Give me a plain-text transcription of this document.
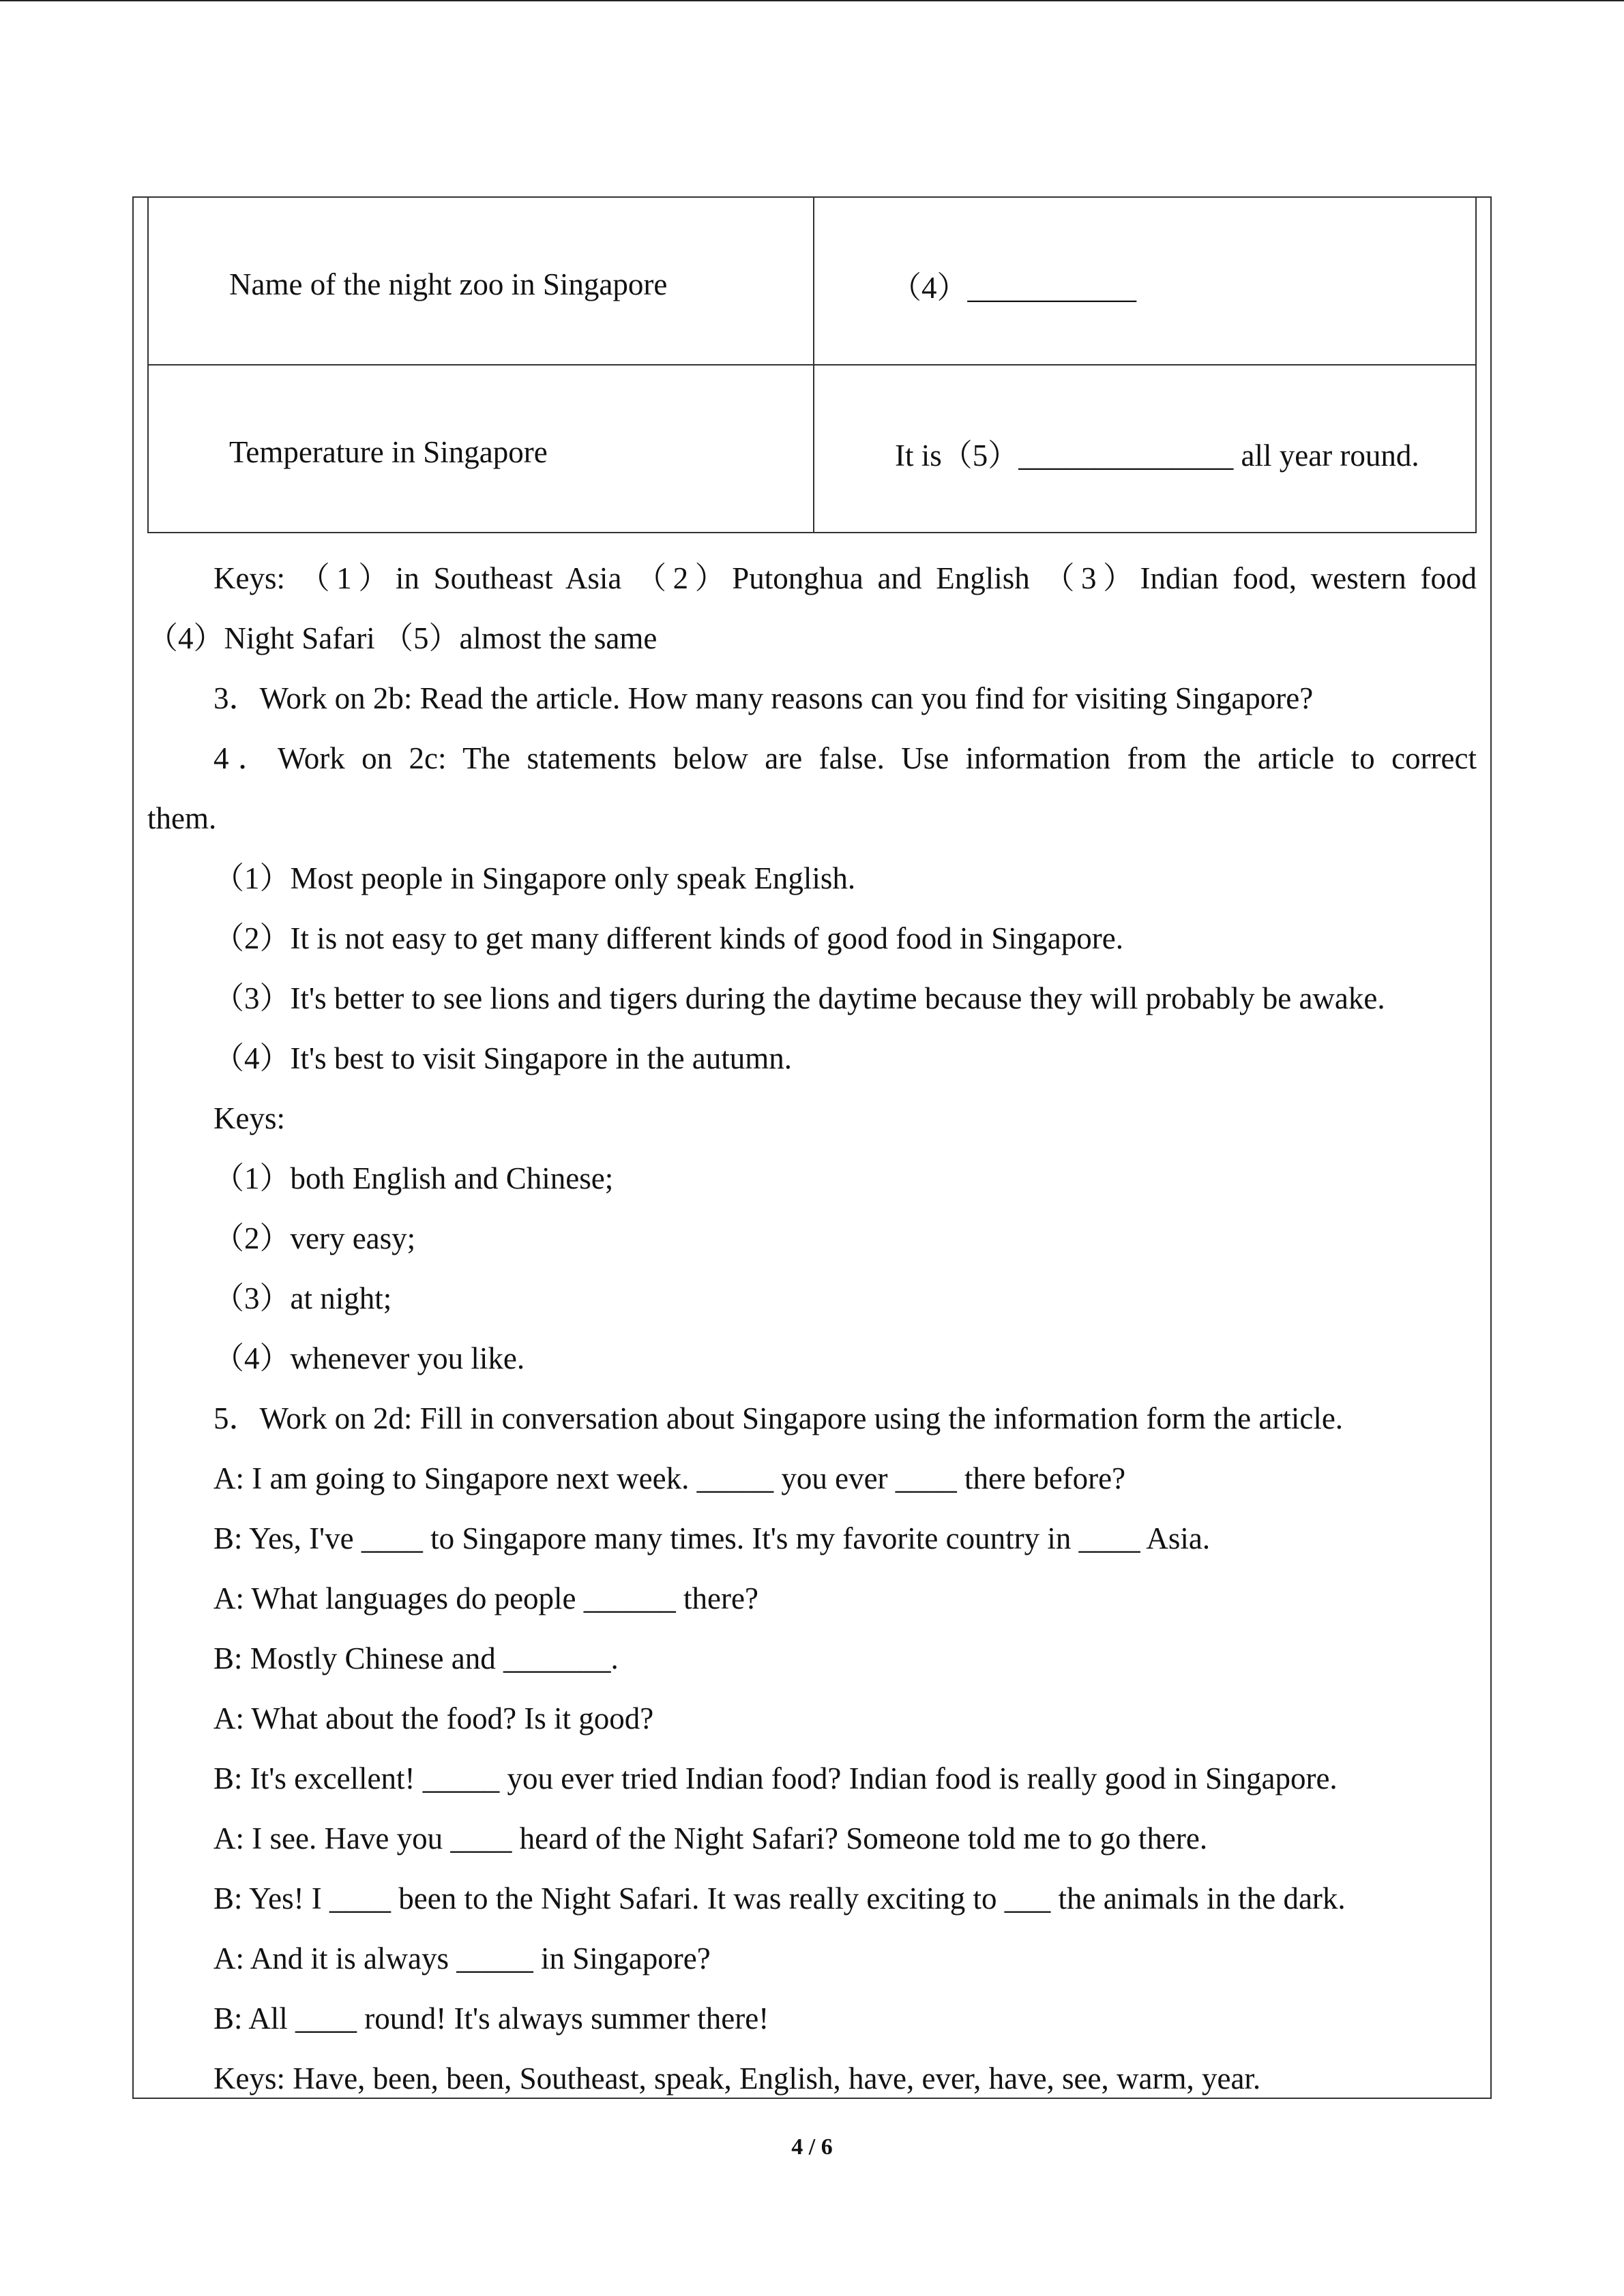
Name of the night zoo in Singapore	（4）___________
Temperature in Singapore	It is（5）______________ all year round.
Keys: （1）in Southeast Asia （2）Putonghua and English （3）Indian food, western food
（4）Night Safari （5）almost the same
3．Work on 2b: Read the article. How many reasons can you find for visiting Singapore?
4．Work on 2c: The statements below are false. Use information from the article to correct
them.
（1）Most people in Singapore only speak English.
（2）It is not easy to get many different kinds of good food in Singapore.
（3）It's better to see lions and tigers during the daytime because they will probably be awake.
（4）It's best to visit Singapore in the autumn.
Keys:
（1）both English and Chinese;
（2）very easy;
（3）at night;
（4）whenever you like.
5．Work on 2d: Fill in conversation about Singapore using the information form the article.
A: I am going to Singapore next week. _____ you ever ____ there before?
B: Yes, I've ____ to Singapore many times. It's my favorite country in ____ Asia.
A: What languages do people ______ there?
B: Mostly Chinese and _______.
A: What about the food? Is it good?
B: It's excellent! _____ you ever tried Indian food? Indian food is really good in Singapore.
A: I see. Have you ____ heard of the Night Safari? Someone told me to go there.
B: Yes! I ____ been to the Night Safari. It was really exciting to ___ the animals in the dark.
A: And it is always _____ in Singapore?
B: All ____ round! It's always summer there!
Keys: Have, been, been, Southeast, speak, English, have, ever, have, see, warm, year.
4 / 6
